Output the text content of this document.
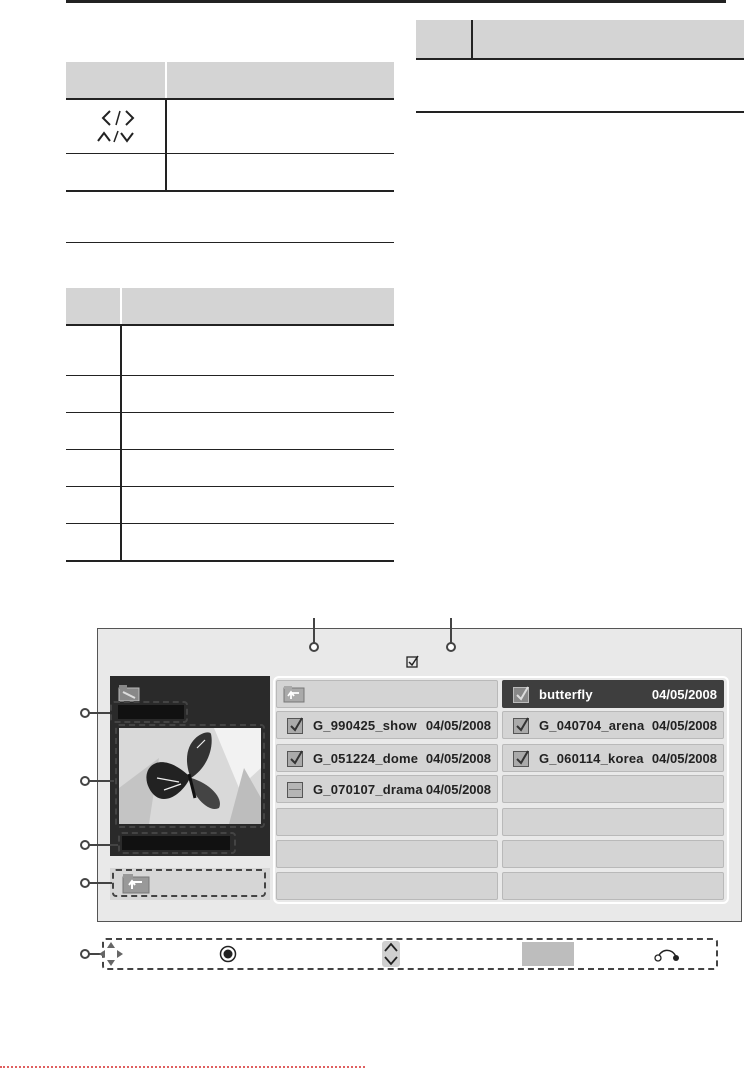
butterfly	04/05/2008
G_990425_show 04/05/2008	G_040704_arena 04/05/2008
G_051224_dome 04/05/2008	G_060114_korea 04/05/2008
G_070107_drama 04/05/2008
